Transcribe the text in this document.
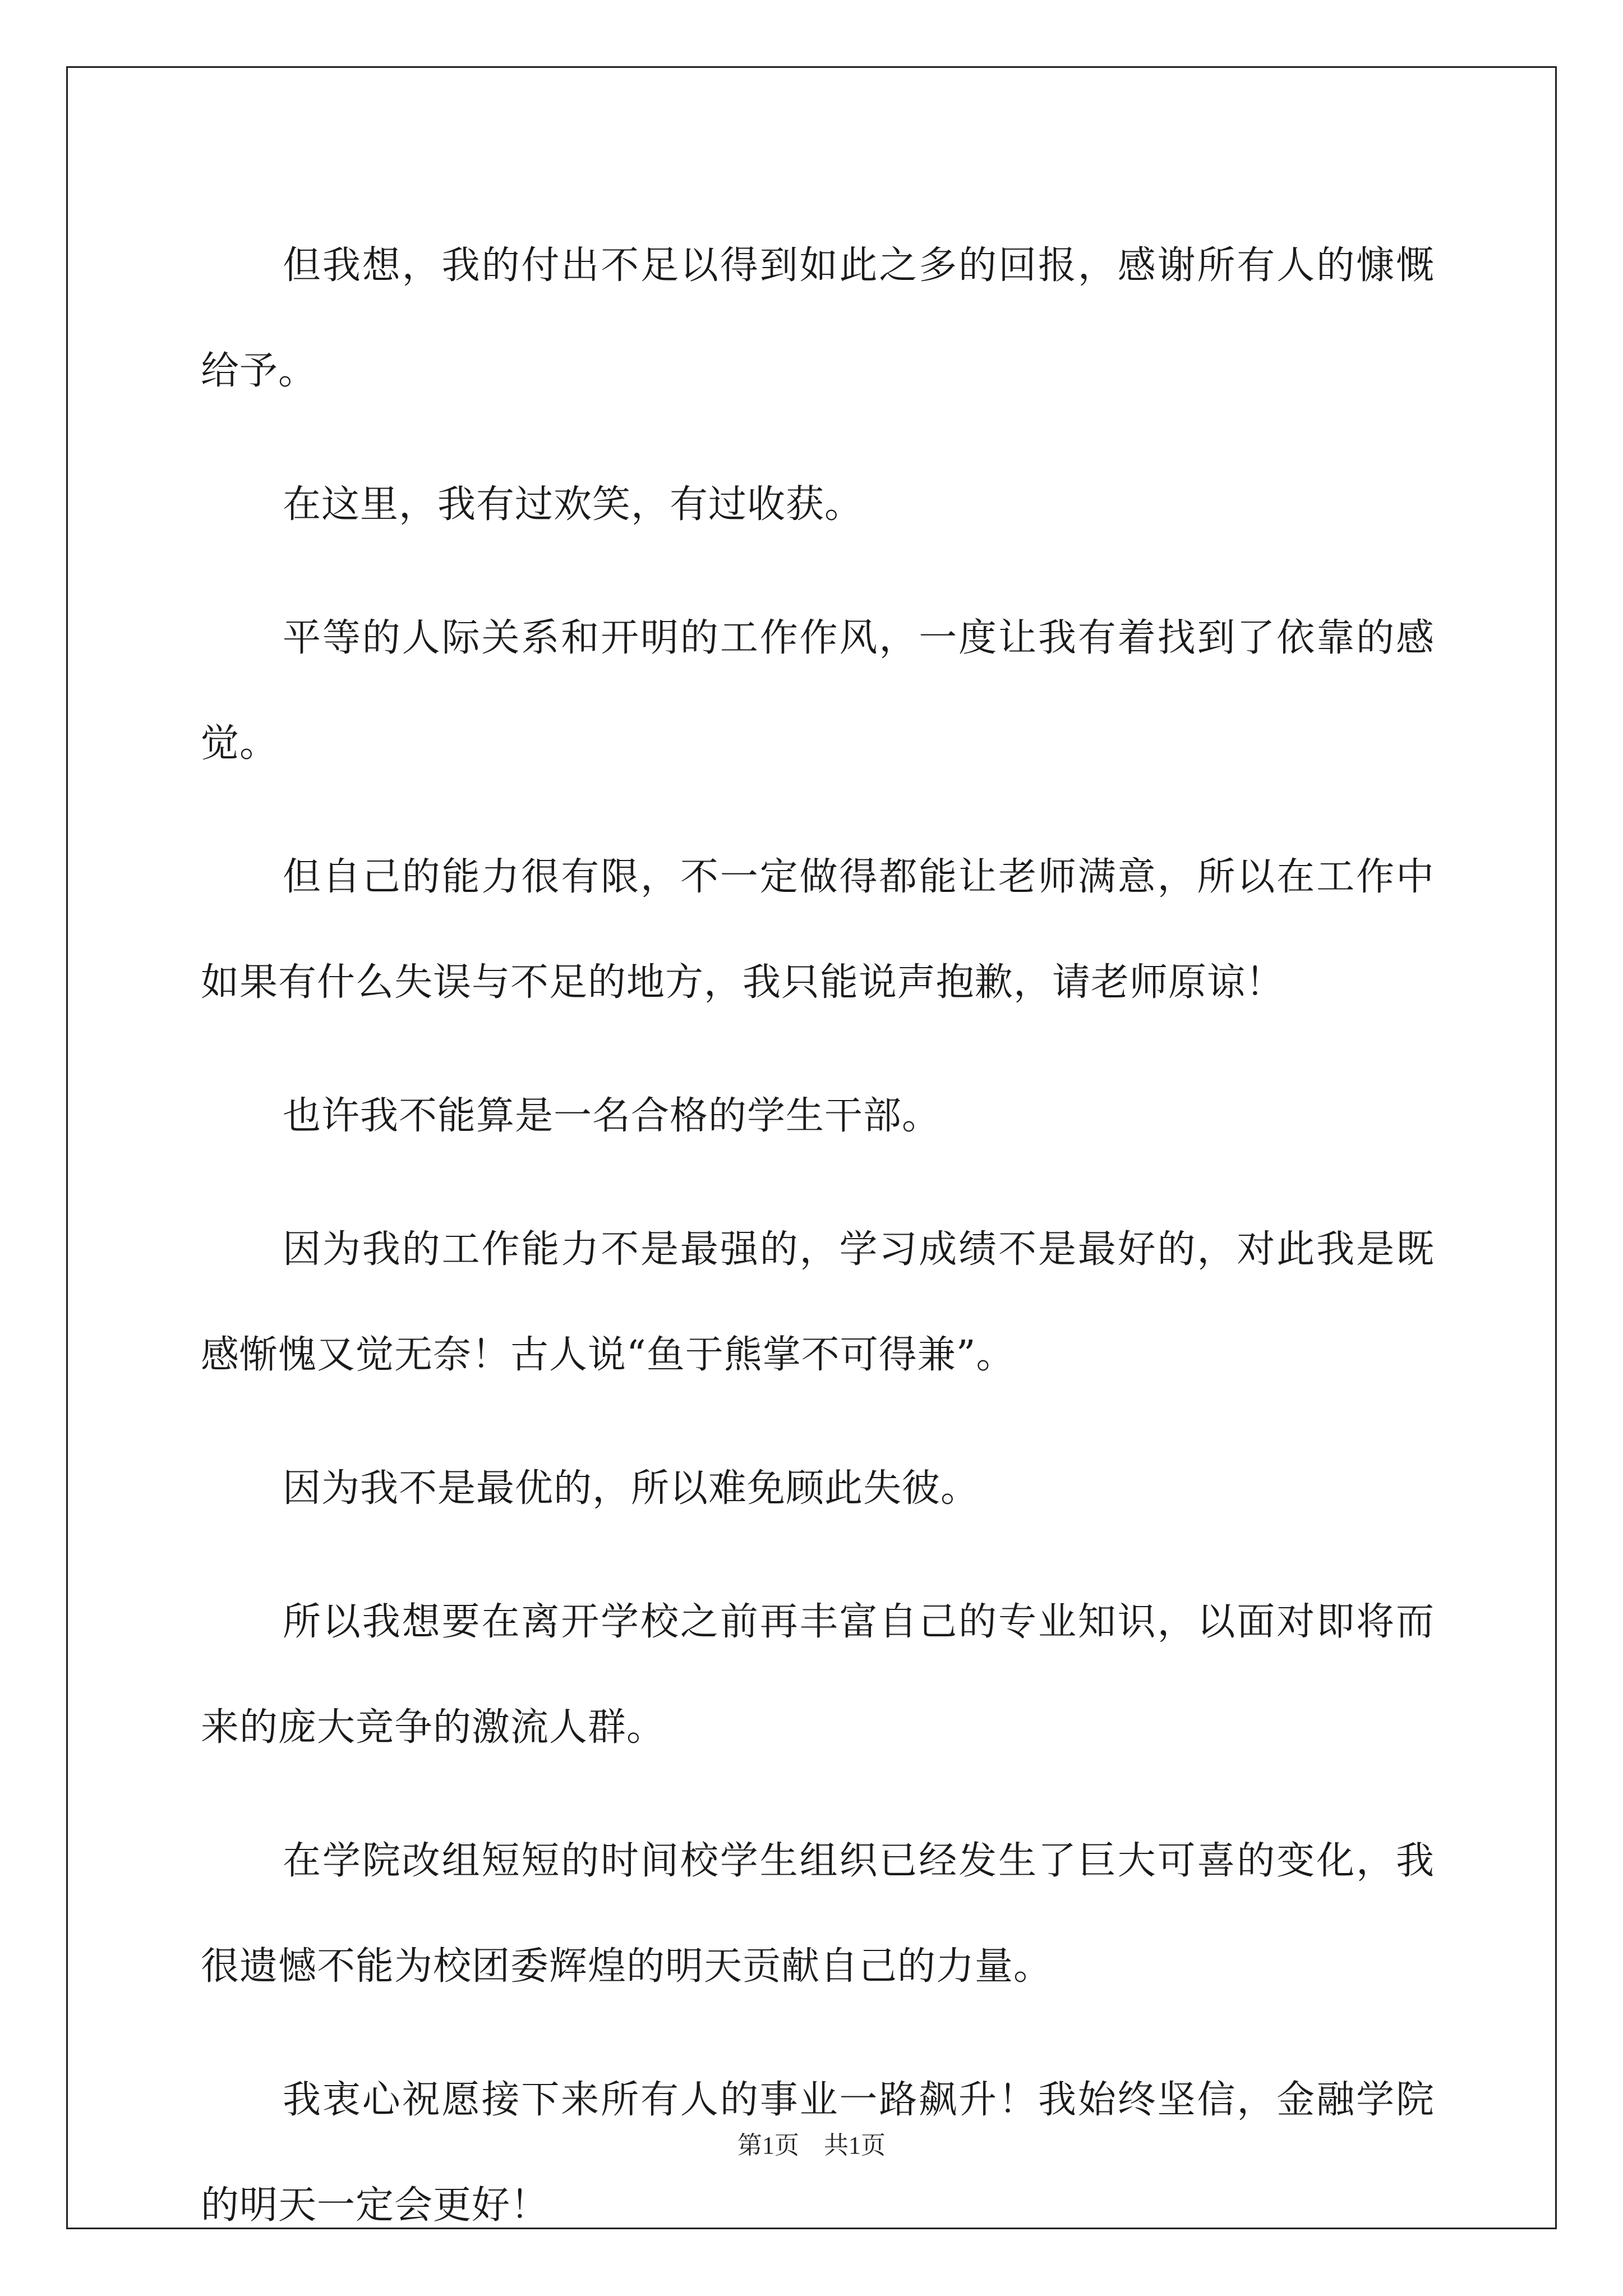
但我想，我的付出不足以得到如此之多的回报，感谢所有人的慷慨给予。

在这里，我有过欢笑，有过收获。

平等的人际关系和开明的工作作风，一度让我有着找到了依靠的感觉。

但自己的能力很有限，不一定做得都能让老师满意，所以在工作中如果有什么失误与不足的地方，我只能说声抱歉，请老师原谅！

也许我不能算是一名合格的学生干部。

因为我的工作能力不是最强的，学习成绩不是最好的，对此我是既感惭愧又觉无奈！古人说“鱼于熊掌不可得兼”。

因为我不是最优的，所以难免顾此失彼。

所以我想要在离开学校之前再丰富自己的专业知识，以面对即将而来的庞大竞争的激流人群。

在学院改组短短的时间校学生组织已经发生了巨大可喜的变化，我很遗憾不能为校团委辉煌的明天贡献自己的力量。

我衷心祝愿接下来所有人的事业一路飙升！我始终坚信，金融学院的明天一定会更好！

第1页　共1页
